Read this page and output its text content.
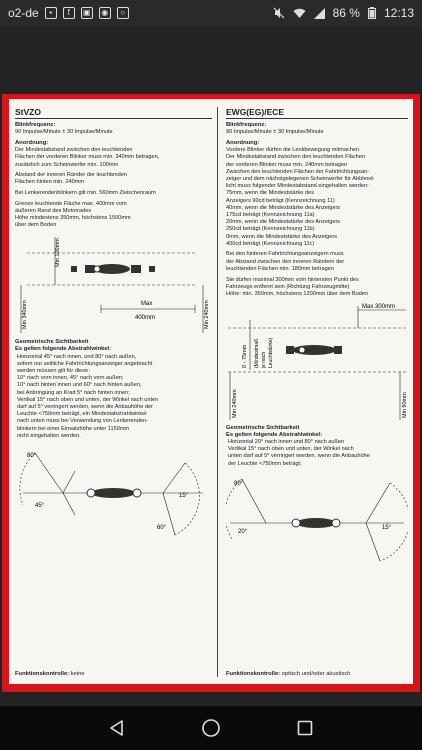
o2-de	▪	f	▣	◉	○	86 % 12:13
StVZO
Blinkfrequenz:
90 Impulse/Minute ± 30 Impulse/Minute
Anordnung:
Der Mindestabstand zwischen den leuchtenden
Flächen der vorderen Blinker muss min. 340mm betragen,
zusätzlich zum Scheinwerfer min. 100mm
Abstand der inneren Ränder der leuchtenden
Flächen hinten min. 240mm
Bei Lenkerendenblinkern gilt min. 560mm Zwischenraum
Grenze leuchtende Fläche max. 400mm vom
äußeren Rand des Motorrades
Höhe mindestens 350mm, höchstens 1500mm
über dem Boden
Min 100mm
Min 340mm	Min 240mm
Max
400mm
Geometrische Sichtbarkeit
Es gelten folgende Abstrahlwinkel:
Horizontal 45° nach innen, und 80° nach außen,
sofern nur seitliche Fahrtrichtungsanzeiger angebracht
werden müssen gilt für diese:
10° nach vorn innen, 45° nach vorn außen;
10° nach hinten innen und 60° nach hinten außen,
bei Anbringung an Krad 5° nach hinten innen;
Vertikal 15° nach oben und unten, der Winkel nach unten
darf auf 5° verringert werden, wenn die Anbauhöhe der
Leuchte <750mm beträgt, ein Mindestabstrahlwinkel
nach unten muss bei Verwendung von Lenkerenden-
blinkern bei einer Einsatzhöhe unter 1150mm
nicht eingehalten werden.
80°
45°
15°
60°
Funktionskontrolle: keine
EWG(EG)/ECE
Blinkfrequenz:
90 Impulse/Minute ± 30 Impulse/Minute
Anordnung:
Vordere Blinker dürfen die Lenkbewegung mitmachen.
Der Mindestabstand zwischen den leuchtenden Flächen
der vorderen Blinker muss min. 240mm betragen
Zwischen den leuchtenden Flächen der Fahrtrichtungsan-
zeiger und dem nächstgelegenen Scheinwerfer für Abblend-
licht muss folgender Mindestabstand eingehalten werden:
75mm, wenn die Mindeststärke des
Anzeigers 90cd beträgt (Kennzeichnung 11)
40mm, wenn die Mindeststärke des Anzeigers
175cd beträgt (Kennzeichnung 11a)
20mm, wenn die Mindeststärke des Anzeigers
250cd beträgt (Kennzeichnung 11b)
0mm, wenn die Mindeststärke des Anzeigers
400cd beträgt (Kennzeichnung 11c)
Bei den hinteren Fahrtrichtungsanzeigern muss
der Abstand zwischen den inneren Rändern der
leuchtenden Flächen min. 180mm betragen
Sie dürfen maximal 300mm vom hintersten Punkt des
Fahrzeugs entfernt sein (Richtung Fahrzeugmitte)
Höhe: min. 350mm, höchstens 1200mm über dem Boden
Max 300mm
0 - 75mm (Mindestmaß je nach Leuchtstärke)
Min 240mm	Min 90mm
Geometrische Sichtbarkeit
Es gelten folgende Abstrahlwinkel:
Horizontal 20° nach innen und 80° nach außen
Vertikal 15° nach oben und unten, der Winkel nach
unten darf auf 5° verringert werden, wenn die Anbauhöhe
der Leuchte <750mm beträgt;
80°
20°
15°
Funktionskontrolle: optisch und/oder akustisch
